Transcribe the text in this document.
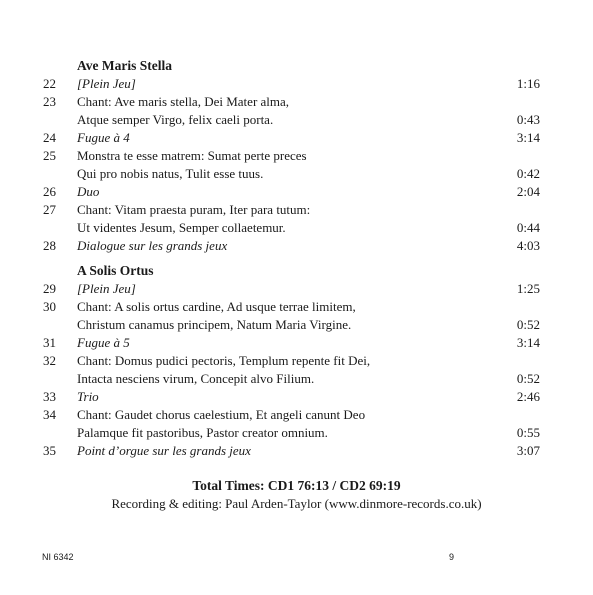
Ave Maris Stella
22 [Plein Jeu]	1:16
23 Chant: Ave maris stella, Dei Mater alma,
Atque semper Virgo, felix caeli porta.	0:43
24 Fugue à 4	3:14
25 Monstra te esse matrem: Sumat perte preces
Qui pro nobis natus, Tulit esse tuus.	0:42
26 Duo	2:04
27 Chant: Vitam praesta puram, Iter para tutum:
Ut videntes Jesum, Semper collaetemur.	0:44
28 Dialogue sur les grands jeux	4:03
A Solis Ortus
29 [Plein Jeu]	1:25
30 Chant: A solis ortus cardine, Ad usque terrae limitem,
Christum canamus principem, Natum Maria Virgine.	0:52
31 Fugue à 5	3:14
32 Chant: Domus pudici pectoris, Templum repente fit Dei,
Intacta nesciens virum, Concepit alvo Filium.	0:52
33 Trio	2:46
34 Chant: Gaudet chorus caelestium, Et angeli canunt Deo
Palamque fit pastoribus, Pastor creator omnium.	0:55
35 Point d’orgue sur les grands jeux	3:07
Total Times: CD1 76:13 / CD2 69:19
Recording & editing: Paul Arden-Taylor (www.dinmore-records.co.uk)
NI 6342	9
